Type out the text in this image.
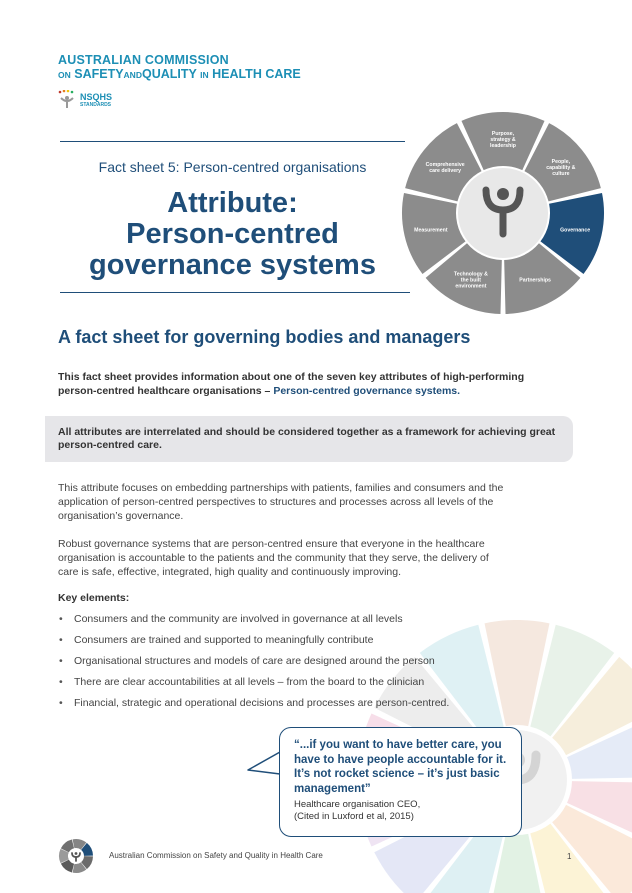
AUSTRALIAN COMMISSION
ON SAFETYANDQUALITY IN HEALTH CARE
NSQHS
STANDARDS
Fact sheet 5: Person-centred organisations
Attribute:
Person-centred
governance systems
Purpose, strategy & leadership
People, capability & culture
Governance
Partnerships
Technology & the built environment
Measurement
Comprehensive care delivery
A fact sheet for governing bodies and managers
This fact sheet provides information about one of the seven key attributes of high-performing person-centred healthcare organisations – Person-centred governance systems.
All attributes are interrelated and should be considered together as a framework for achieving great person-centred care.
This attribute focuses on embedding partnerships with patients, families and consumers and the application of person-centred perspectives to structures and processes across all levels of the organisation’s governance.
Robust governance systems that are person-centred ensure that everyone in the healthcare organisation is accountable to the patients and the community that they serve, the delivery of care is safe, effective, integrated, high quality and continuously improving.
Key elements:
• Consumers and the community are involved in governance at all levels
• Consumers are trained and supported to meaningfully contribute
• Organisational structures and models of care are designed around the person
• There are clear accountabilities at all levels – from the board to the clinician
• Financial, strategic and operational decisions and processes are person-centred.
“...if you want to have better care, you have to have people accountable for it. It’s not rocket science – it’s just basic management”
Healthcare organisation CEO,
(Cited in Luxford et al, 2015)
Australian Commission on Safety and Quality in Health Care	1
